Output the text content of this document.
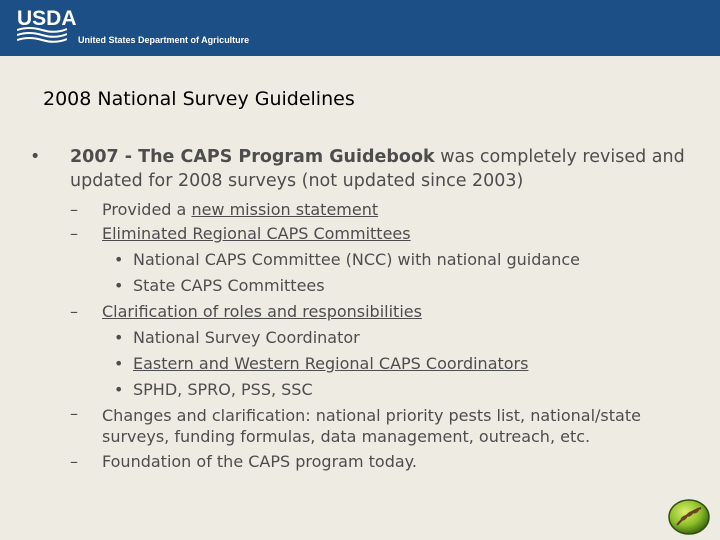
USDA
United States Department of Agriculture
2008 National Survey Guidelines
• 2007 - The CAPS Program Guidebook was completely revised and updated for 2008 surveys (not updated since 2003)
– Provided a new mission statement
– Eliminated Regional CAPS Committees
• National CAPS Committee (NCC) with national guidance
• State CAPS Committees
– Clarification of roles and responsibilities
• National Survey Coordinator
• Eastern and Western Regional CAPS Coordinators
• SPHD, SPRO, PSS, SSC
– Changes and clarification: national priority pests list, national/state surveys, funding formulas, data management, outreach, etc.
– Foundation of the CAPS program today.
